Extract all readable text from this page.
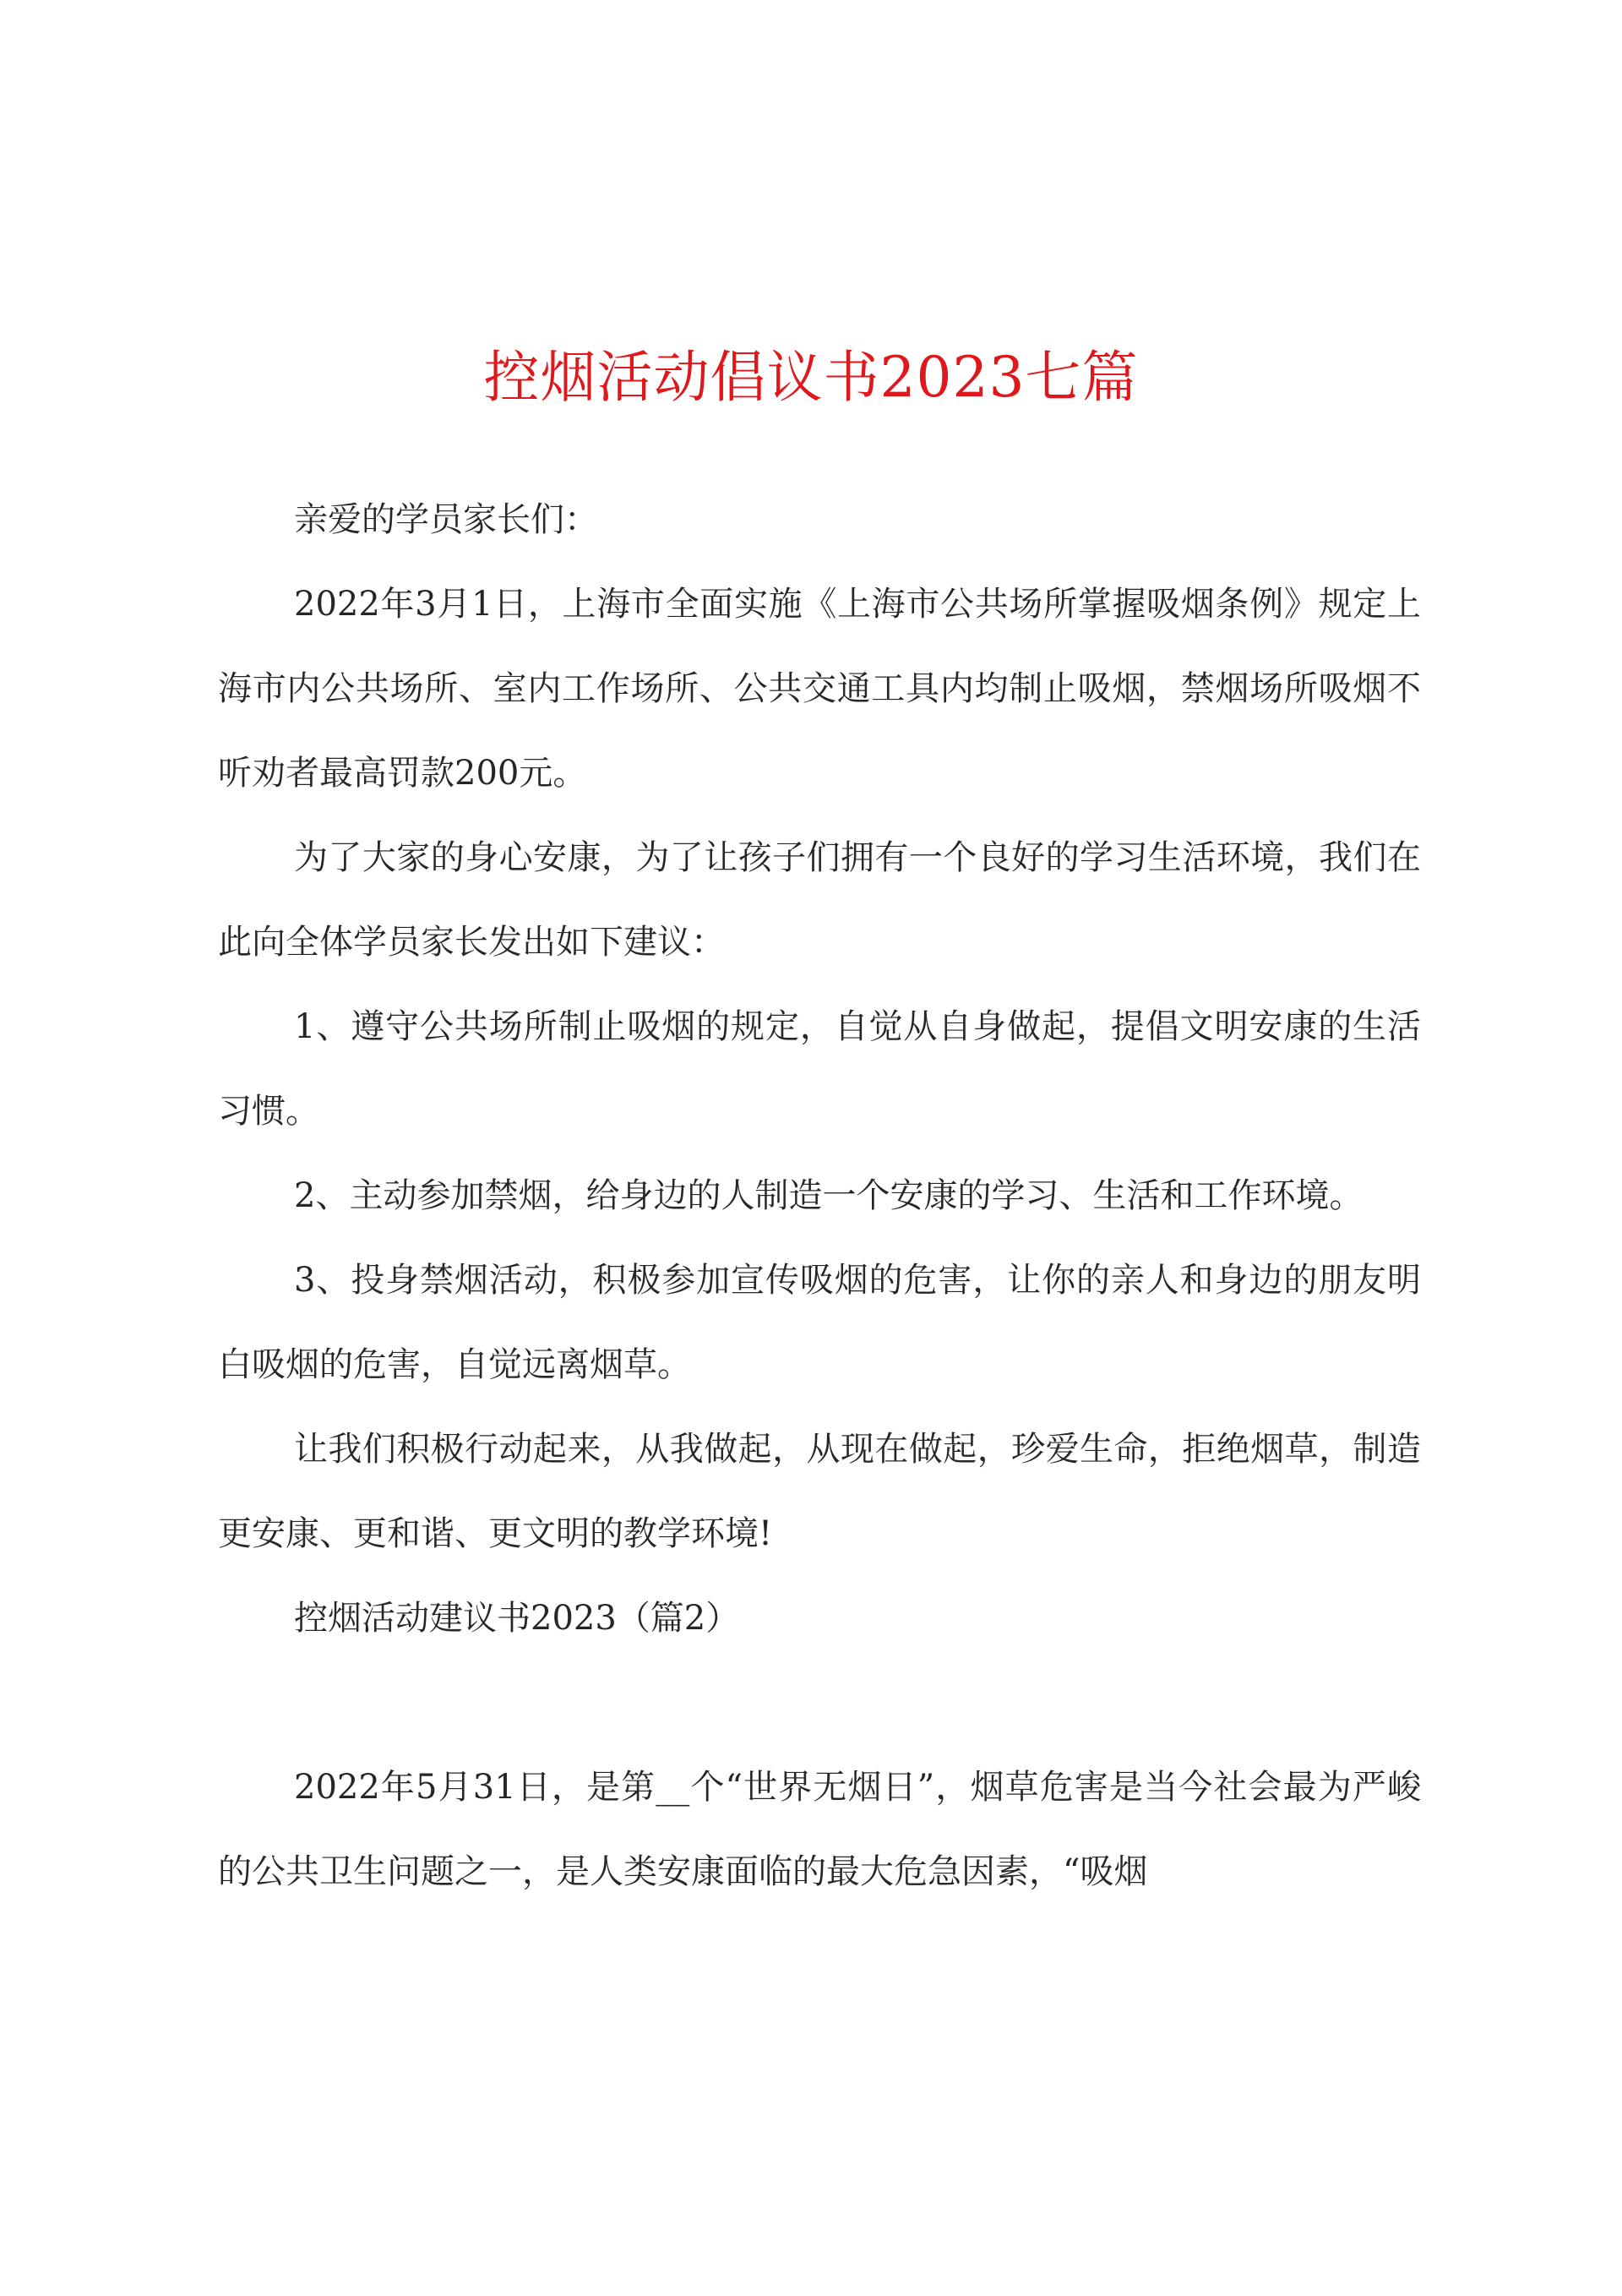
控烟活动倡议书2023七篇

亲爱的学员家长们：

2022年3月1日，上海市全面实施《上海市公共场所掌握吸烟条例》规定上海市内公共场所、室内工作场所、公共交通工具内均制止吸烟，禁烟场所吸烟不听劝者最高罚款200元。

为了大家的身心安康，为了让孩子们拥有一个良好的学习生活环境，我们在此向全体学员家长发出如下建议：

1、遵守公共场所制止吸烟的规定，自觉从自身做起，提倡文明安康的生活习惯。

2、主动参加禁烟，给身边的人制造一个安康的学习、生活和工作环境。

3、投身禁烟活动，积极参加宣传吸烟的危害，让你的亲人和身边的朋友明白吸烟的危害，自觉远离烟草。

让我们积极行动起来，从我做起，从现在做起，珍爱生命，拒绝烟草，制造更安康、更和谐、更文明的教学环境!

控烟活动建议书2023（篇2）

2022年5月31日，是第__个“世界无烟日”，烟草危害是当今社会最为严峻的公共卫生问题之一，是人类安康面临的最大危急因素，“吸烟
